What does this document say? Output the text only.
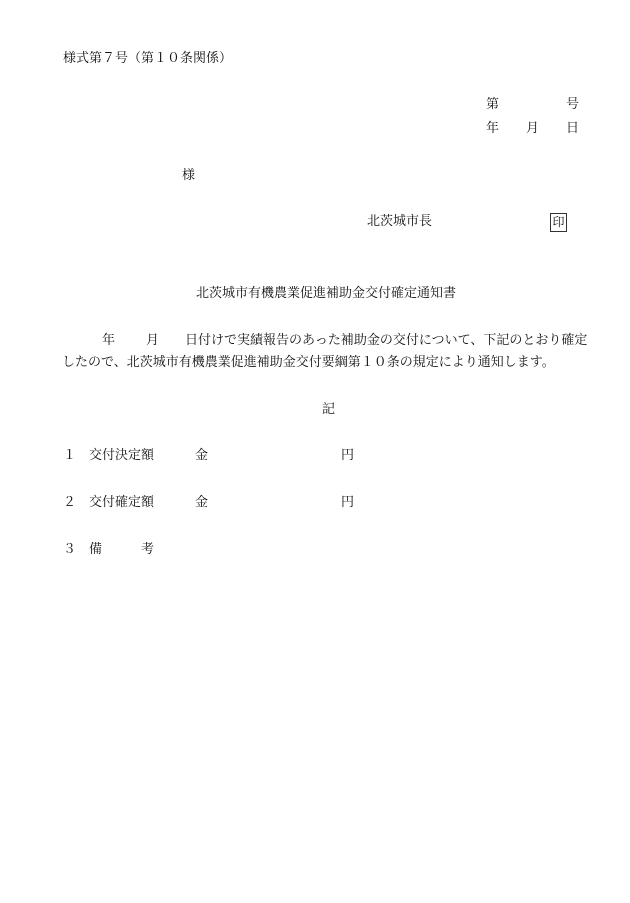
様式第７号（第１０条関係）
第	号
年 月 日
様
北茨城市長	印
北茨城市有機農業促進補助金交付確定通知書
年 月 日付けで実績報告のあった補助金の交付について、下記のとおり確定
したので、北茨城市有機農業促進補助金交付要綱第１０条の規定により通知します。
記
１ 交付決定額	金	円
２ 交付確定額	金	円
３ 備　　　考
